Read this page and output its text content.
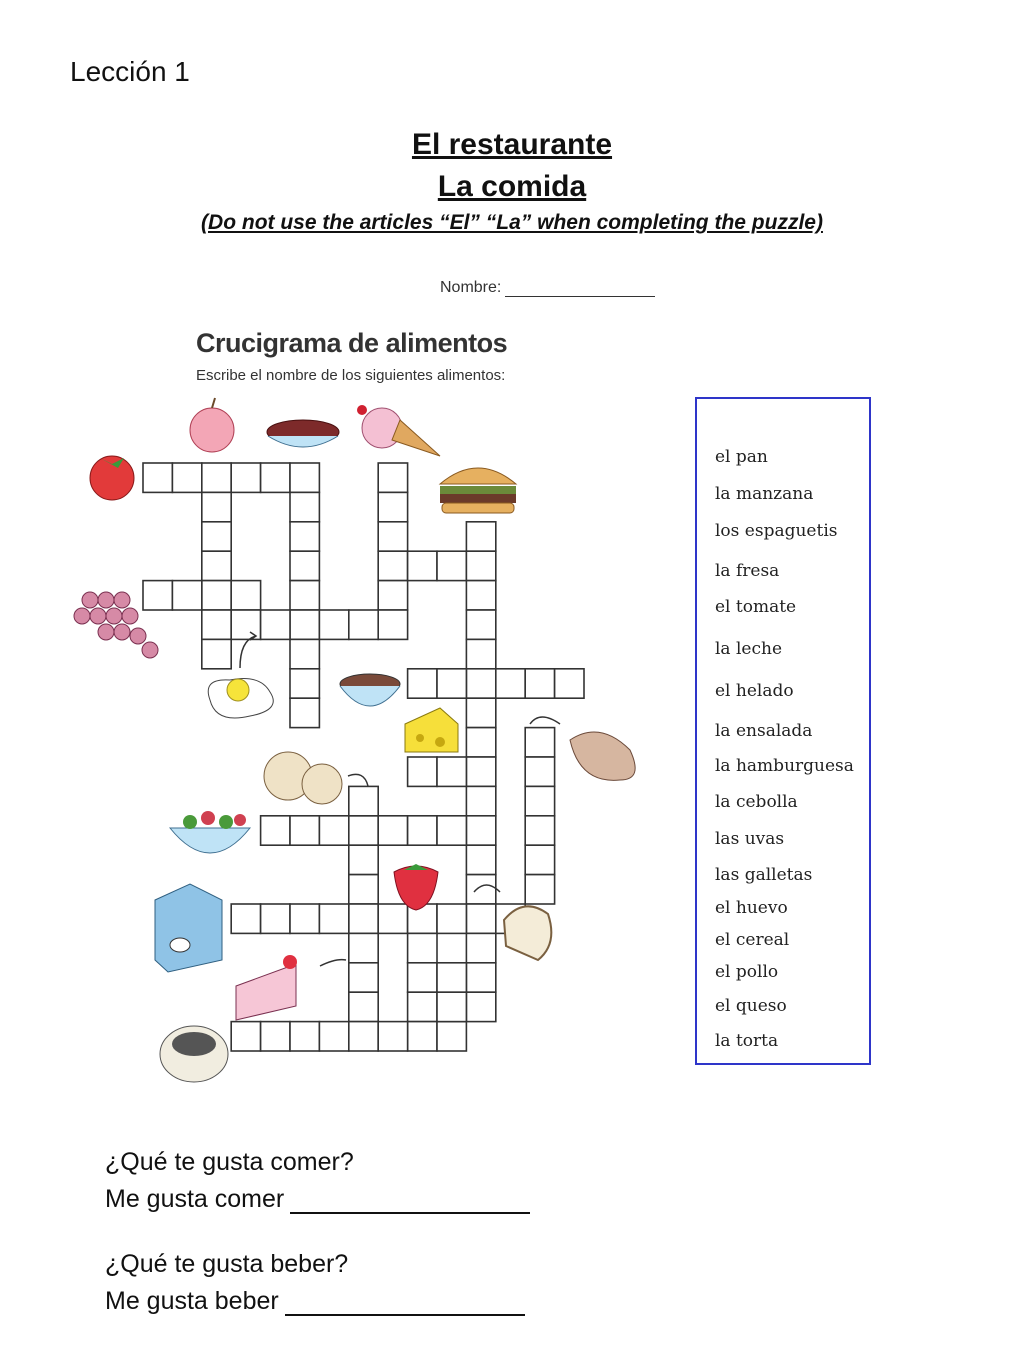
Lección 1
El restaurante
La comida
(Do not use the articles “El” “La” when completing the puzzle)
Nombre:
Crucigrama de alimentos
Escribe el nombre de los siguientes alimentos:
el pan
la manzana
los espaguetis
la fresa
el tomate
la leche
el helado
la ensalada
la hamburguesa
la cebolla
las uvas
las galletas
el huevo
el cereal
el pollo
el queso
la torta
¿Qué te gusta comer?
Me gusta comer
¿Qué te gusta beber?
Me gusta beber
